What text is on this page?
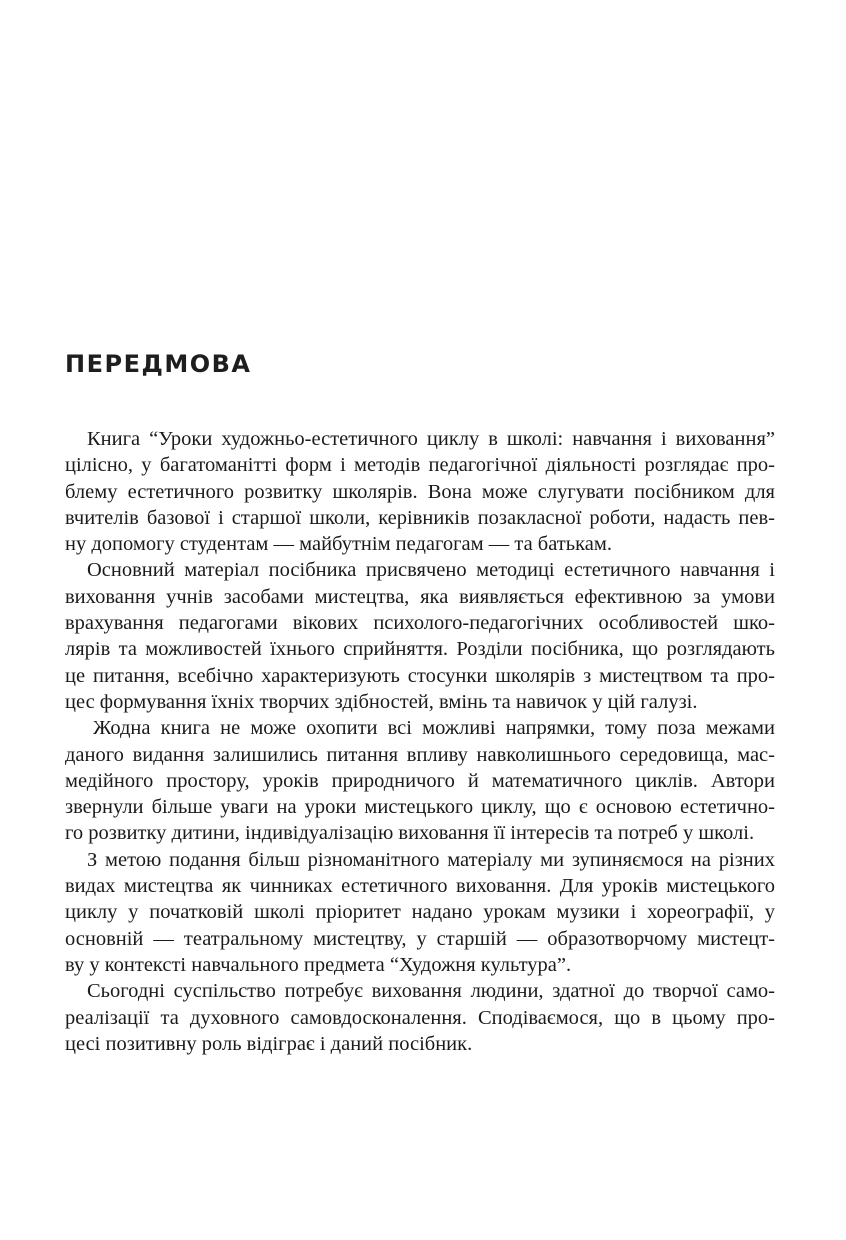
ПЕРЕДМОВА
Книга “Уроки художньо-естетичного циклу в школі: навчання і виховання”
цілісно, у багатоманітті форм і методів педагогічної діяльності розглядає про-
блему естетичного розвитку школярів. Вона може слугувати посібником для
вчителів базової і старшої школи, керівників позакласної роботи, надасть пев-
ну допомогу студентам — майбутнім педагогам — та батькам.
Основний матеріал посібника присвячено методиці естетичного навчання і
виховання учнів засобами мистецтва, яка виявляється ефективною за умови
врахування педагогами вікових психолого-педагогічних особливостей шко-
лярів та можливостей їхнього сприйняття. Розділи посібника, що розглядають
це питання, всебічно характеризують стосунки школярів з мистецтвом та про-
цес формування їхніх творчих здібностей, вмінь та навичок у цій галузі.
Жодна книга не може охопити всі можливі напрямки, тому поза межами
даного видання залишились питання впливу навколишнього середовища, мас-
медійного простору, уроків природничого й математичного циклів. Автори
звернули більше уваги на уроки мистецького циклу, що є основою естетично-
го розвитку дитини, індивідуалізацію виховання її інтересів та потреб у школі.
З метою подання більш різноманітного матеріалу ми зупиняємося на різних
видах мистецтва як чинниках естетичного виховання. Для уроків мистецького
циклу у початковій школі пріоритет надано урокам музики і хореографії, у
основній — театральному мистецтву, у старшій — образотворчому мистецт-
ву у контексті навчального предмета “Художня культура”.
Сьогодні суспільство потребує виховання людини, здатної до творчої само-
реалізації та духовного самовдосконалення. Сподіваємося, що в цьому про-
цесі позитивну роль відіграє і даний посібник.
